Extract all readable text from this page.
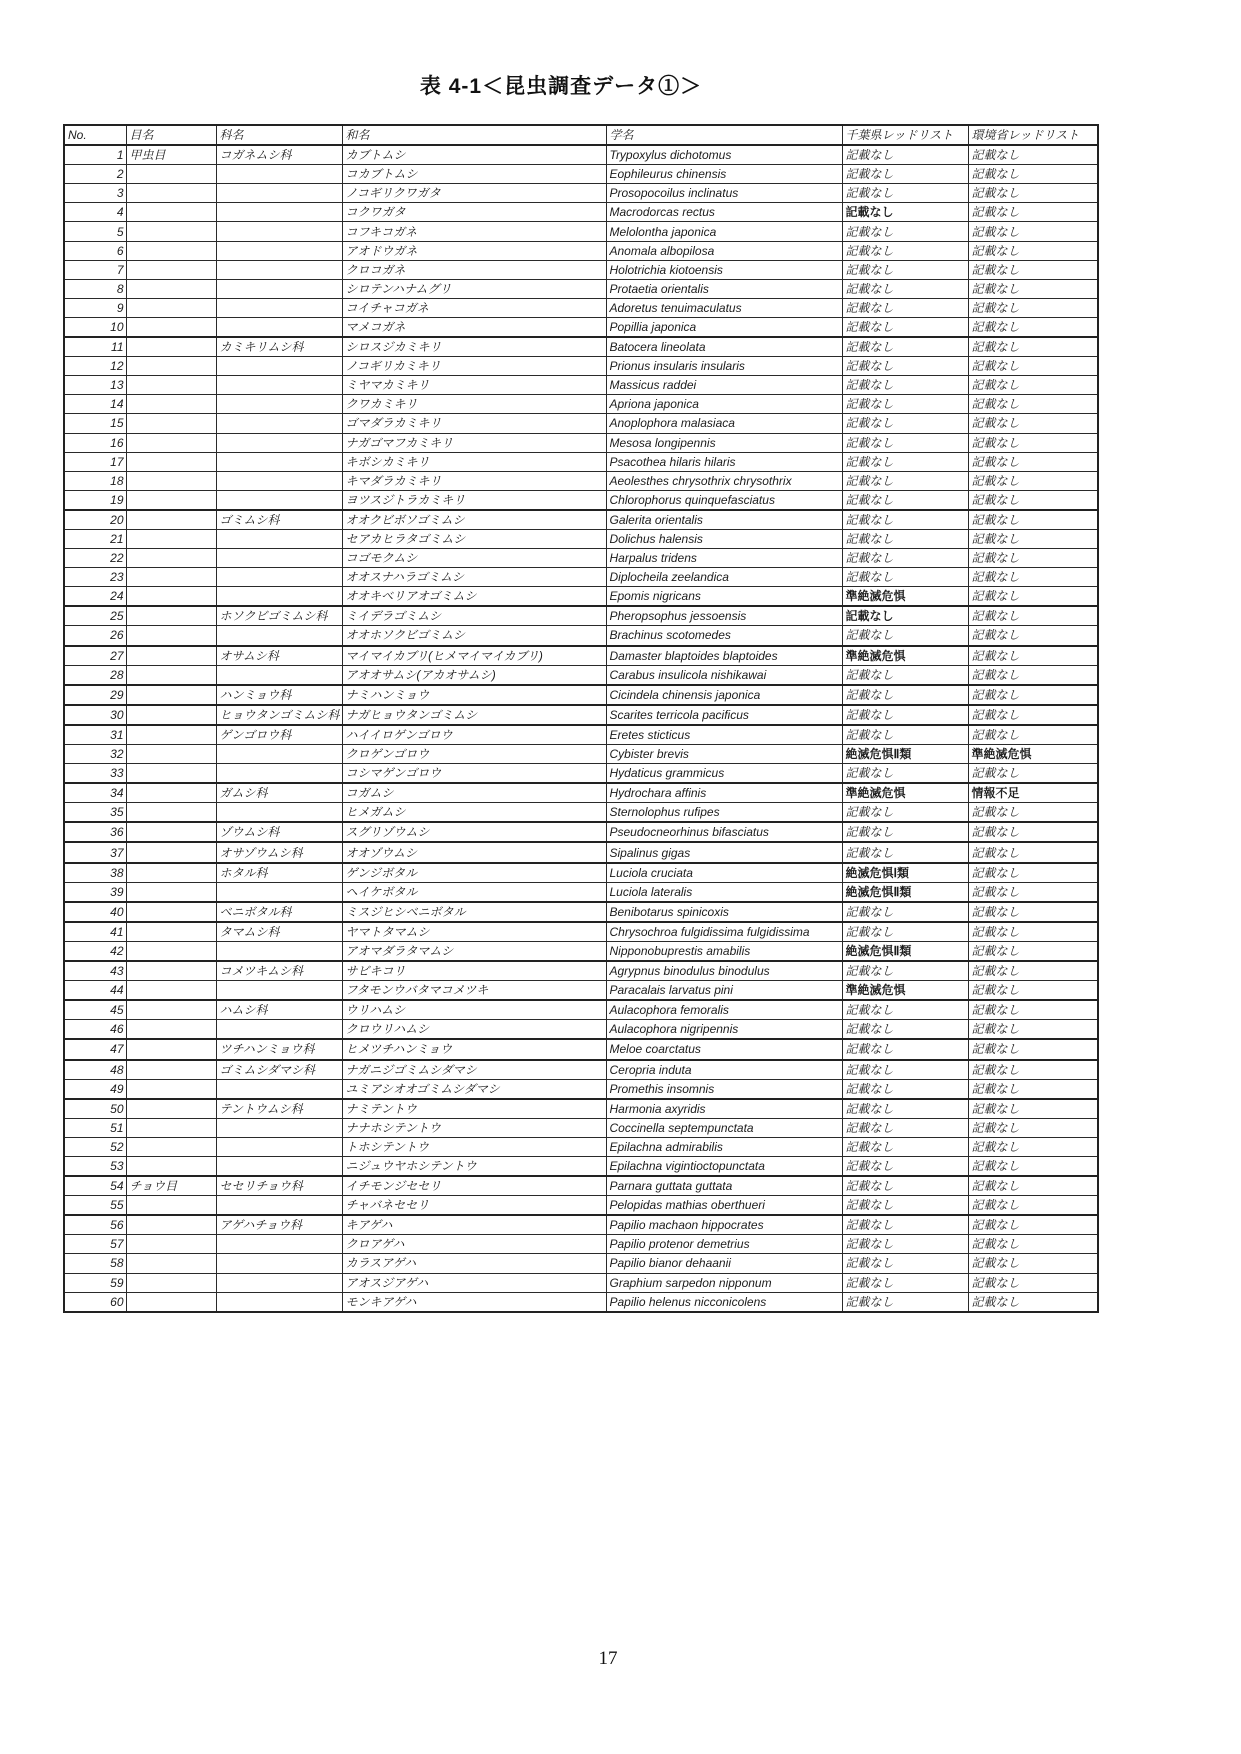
表 4-1＜昆虫調査データ①＞
No.	目名	科名	和名	学名	千葉県レッドリスト	環境省レッドリスト
1	甲虫目	コガネムシ科	カブトムシ	Trypoxylus dichotomus	記載なし	記載なし
2			コカブトムシ	Eophileurus chinensis	記載なし	記載なし
3			ノコギリクワガタ	Prosopocoilus inclinatus	記載なし	記載なし
4			コクワガタ	Macrodorcas rectus	記載なし	記載なし
5			コフキコガネ	Melolontha japonica	記載なし	記載なし
6			アオドウガネ	Anomala albopilosa	記載なし	記載なし
7			クロコガネ	Holotrichia kiotoensis	記載なし	記載なし
8			シロテンハナムグリ	Protaetia orientalis	記載なし	記載なし
9			コイチャコガネ	Adoretus tenuimaculatus	記載なし	記載なし
10			マメコガネ	Popillia japonica	記載なし	記載なし
11		カミキリムシ科	シロスジカミキリ	Batocera lineolata	記載なし	記載なし
12			ノコギリカミキリ	Prionus insularis insularis	記載なし	記載なし
13			ミヤマカミキリ	Massicus raddei	記載なし	記載なし
14			クワカミキリ	Apriona japonica	記載なし	記載なし
15			ゴマダラカミキリ	Anoplophora malasiaca	記載なし	記載なし
16			ナガゴマフカミキリ	Mesosa longipennis	記載なし	記載なし
17			キボシカミキリ	Psacothea hilaris hilaris	記載なし	記載なし
18			キマダラカミキリ	Aeolesthes chrysothrix chrysothrix	記載なし	記載なし
19			ヨツスジトラカミキリ	Chlorophorus quinquefasciatus	記載なし	記載なし
20		ゴミムシ科	オオクビボソゴミムシ	Galerita orientalis	記載なし	記載なし
21			セアカヒラタゴミムシ	Dolichus halensis	記載なし	記載なし
22			コゴモクムシ	Harpalus tridens	記載なし	記載なし
23			オオスナハラゴミムシ	Diplocheila zeelandica	記載なし	記載なし
24			オオキベリアオゴミムシ	Epomis nigricans	準絶滅危惧	記載なし
25		ホソクビゴミムシ科	ミイデラゴミムシ	Pheropsophus jessoensis	記載なし	記載なし
26			オオホソクビゴミムシ	Brachinus scotomedes	記載なし	記載なし
27		オサムシ科	マイマイカブリ(ヒメマイマイカブリ)	Damaster blaptoides blaptoides	準絶滅危惧	記載なし
28			アオオサムシ(アカオサムシ)	Carabus insulicola nishikawai	記載なし	記載なし
29		ハンミョウ科	ナミハンミョウ	Cicindela chinensis japonica	記載なし	記載なし
30		ヒョウタンゴミムシ科	ナガヒョウタンゴミムシ	Scarites terricola pacificus	記載なし	記載なし
31		ゲンゴロウ科	ハイイロゲンゴロウ	Eretes sticticus	記載なし	記載なし
32			クロゲンゴロウ	Cybister brevis	絶滅危惧Ⅱ類	準絶滅危惧
33			コシマゲンゴロウ	Hydaticus grammicus	記載なし	記載なし
34		ガムシ科	コガムシ	Hydrochara affinis	準絶滅危惧	情報不足
35			ヒメガムシ	Sternolophus rufipes	記載なし	記載なし
36		ゾウムシ科	スグリゾウムシ	Pseudocneorhinus bifasciatus	記載なし	記載なし
37		オサゾウムシ科	オオゾウムシ	Sipalinus gigas	記載なし	記載なし
38		ホタル科	ゲンジボタル	Luciola cruciata	絶滅危惧Ⅰ類	記載なし
39			ヘイケボタル	Luciola lateralis	絶滅危惧Ⅱ類	記載なし
40		ベニボタル科	ミスジヒシベニボタル	Benibotarus spinicoxis	記載なし	記載なし
41		タマムシ科	ヤマトタマムシ	Chrysochroa fulgidissima fulgidissima	記載なし	記載なし
42			アオマダラタマムシ	Nipponobuprestis amabilis	絶滅危惧Ⅱ類	記載なし
43		コメツキムシ科	サビキコリ	Agrypnus binodulus binodulus	記載なし	記載なし
44			フタモンウバタマコメツキ	Paracalais larvatus pini	準絶滅危惧	記載なし
45		ハムシ科	ウリハムシ	Aulacophora femoralis	記載なし	記載なし
46			クロウリハムシ	Aulacophora nigripennis	記載なし	記載なし
47		ツチハンミョウ科	ヒメツチハンミョウ	Meloe coarctatus	記載なし	記載なし
48		ゴミムシダマシ科	ナガニジゴミムシダマシ	Ceropria induta	記載なし	記載なし
49			ユミアシオオゴミムシダマシ	Promethis insomnis	記載なし	記載なし
50		テントウムシ科	ナミテントウ	Harmonia axyridis	記載なし	記載なし
51			ナナホシテントウ	Coccinella septempunctata	記載なし	記載なし
52			トホシテントウ	Epilachna admirabilis	記載なし	記載なし
53			ニジュウヤホシテントウ	Epilachna vigintioctopunctata	記載なし	記載なし
54	チョウ目	セセリチョウ科	イチモンジセセリ	Parnara guttata guttata	記載なし	記載なし
55			チャバネセセリ	Pelopidas mathias oberthueri	記載なし	記載なし
56		アゲハチョウ科	キアゲハ	Papilio machaon hippocrates	記載なし	記載なし
57			クロアゲハ	Papilio protenor demetrius	記載なし	記載なし
58			カラスアゲハ	Papilio bianor dehaanii	記載なし	記載なし
59			アオスジアゲハ	Graphium sarpedon nipponum	記載なし	記載なし
60			モンキアゲハ	Papilio helenus nicconicolens	記載なし	記載なし
17
